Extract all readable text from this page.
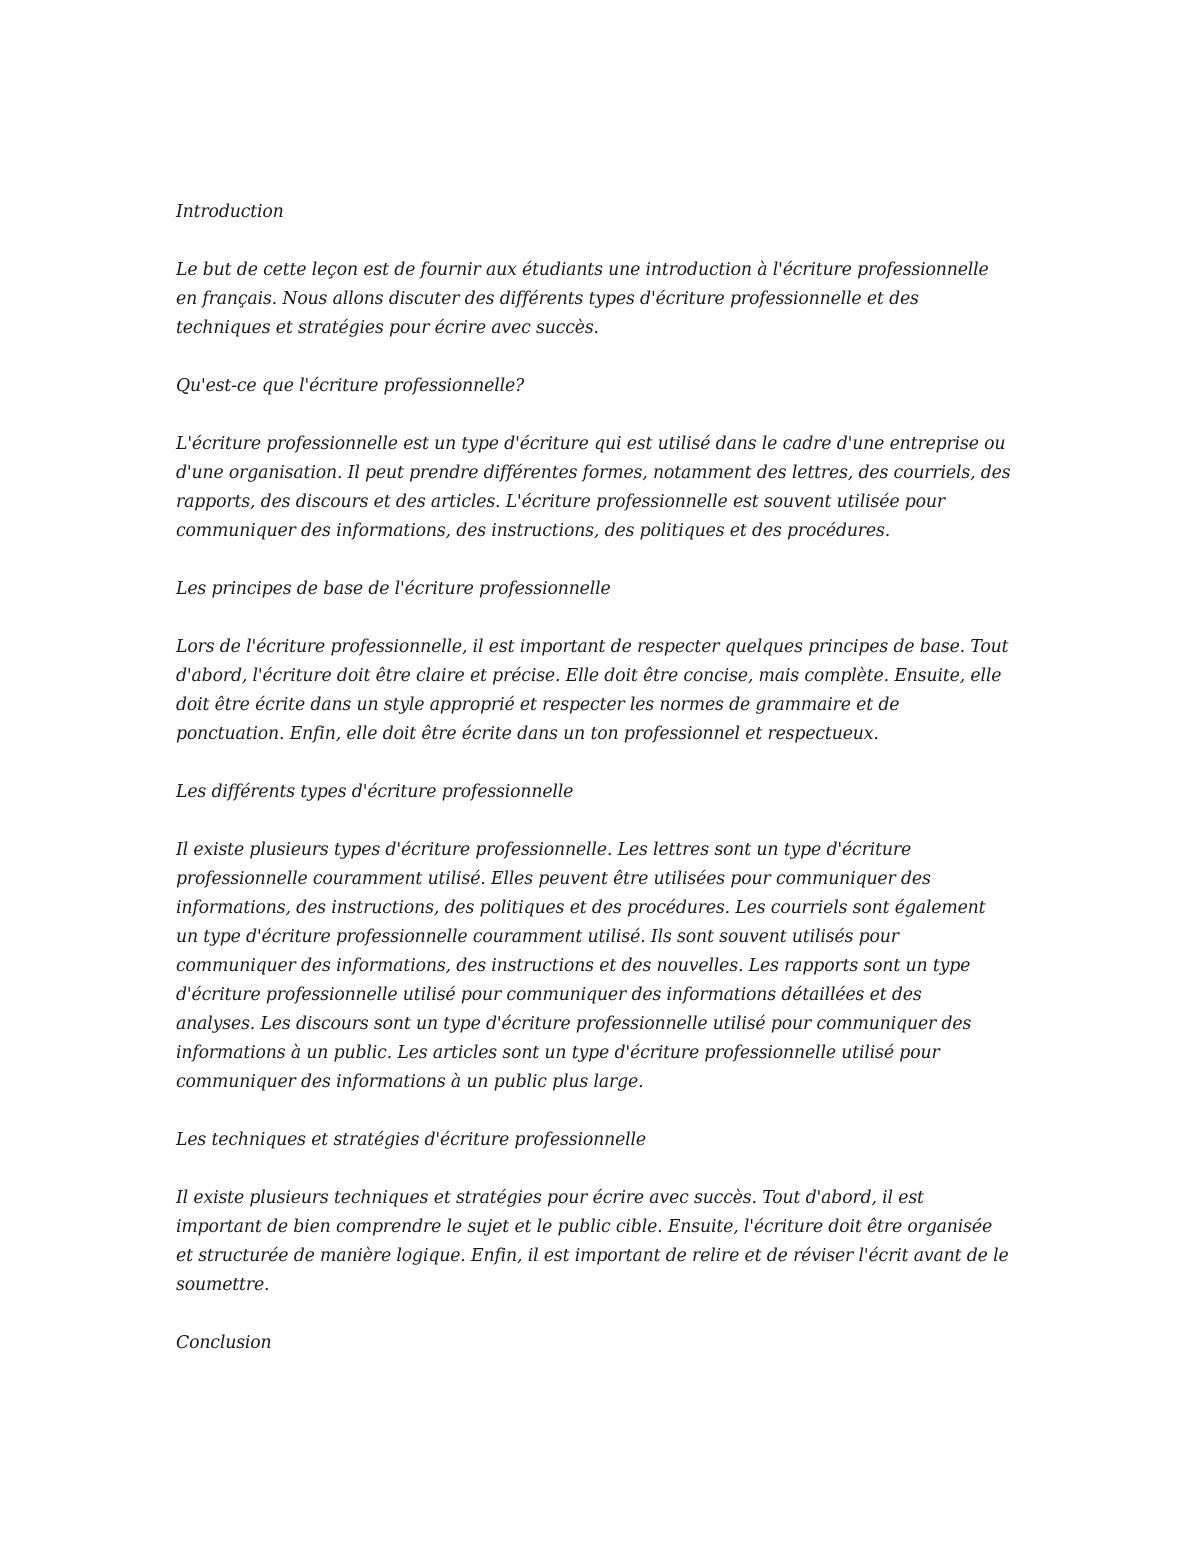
Introduction

Le but de cette leçon est de fournir aux étudiants une introduction à l'écriture professionnelle
en français. Nous allons discuter des différents types d'écriture professionnelle et des
techniques et stratégies pour écrire avec succès.

Qu'est-ce que l'écriture professionnelle?

L'écriture professionnelle est un type d'écriture qui est utilisé dans le cadre d'une entreprise ou
d'une organisation. Il peut prendre différentes formes, notamment des lettres, des courriels, des
rapports, des discours et des articles. L'écriture professionnelle est souvent utilisée pour
communiquer des informations, des instructions, des politiques et des procédures.

Les principes de base de l'écriture professionnelle

Lors de l'écriture professionnelle, il est important de respecter quelques principes de base. Tout
d'abord, l'écriture doit être claire et précise. Elle doit être concise, mais complète. Ensuite, elle
doit être écrite dans un style approprié et respecter les normes de grammaire et de
ponctuation. Enfin, elle doit être écrite dans un ton professionnel et respectueux.

Les différents types d'écriture professionnelle

Il existe plusieurs types d'écriture professionnelle. Les lettres sont un type d'écriture
professionnelle couramment utilisé. Elles peuvent être utilisées pour communiquer des
informations, des instructions, des politiques et des procédures. Les courriels sont également
un type d'écriture professionnelle couramment utilisé. Ils sont souvent utilisés pour
communiquer des informations, des instructions et des nouvelles. Les rapports sont un type
d'écriture professionnelle utilisé pour communiquer des informations détaillées et des
analyses. Les discours sont un type d'écriture professionnelle utilisé pour communiquer des
informations à un public. Les articles sont un type d'écriture professionnelle utilisé pour
communiquer des informations à un public plus large.

Les techniques et stratégies d'écriture professionnelle

Il existe plusieurs techniques et stratégies pour écrire avec succès. Tout d'abord, il est
important de bien comprendre le sujet et le public cible. Ensuite, l'écriture doit être organisée
et structurée de manière logique. Enfin, il est important de relire et de réviser l'écrit avant de le
soumettre.

Conclusion
